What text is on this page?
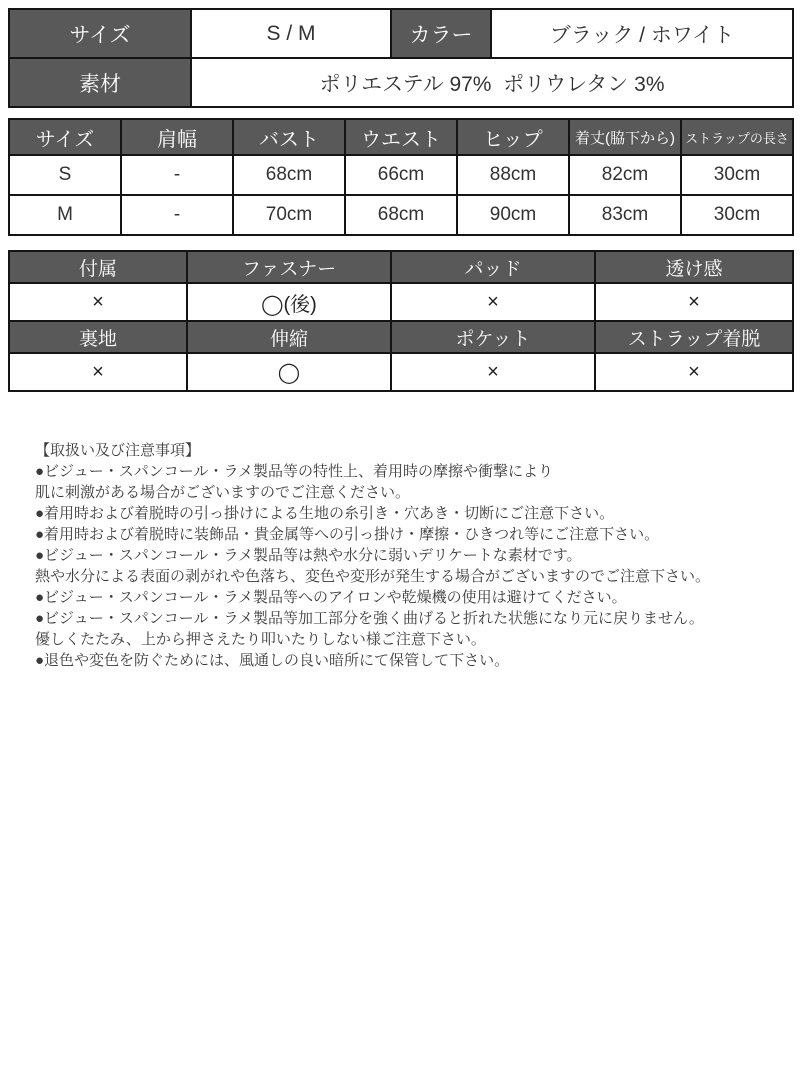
サイズ	S / M	カラー	ブラック / ホワイト
素材	ポリエステル 97%  ポリウレタン 3%		
サイズ	肩幅	バスト	ウエスト	ヒップ	着丈(脇下から)	ストラップの長さ
S	-	68cm	66cm	88cm	82cm	30cm
M	-	70cm	68cm	90cm	83cm	30cm
付属	ファスナー	パッド	透け感
×	◯(後)	×	×
裏地	伸縮	ポケット	ストラップ着脱
×	◯	×	×
【取扱い及び注意事項】
●ビジュー・スパンコール・ラメ製品等の特性上、着用時の摩擦や衝撃により
肌に刺激がある場合がございますのでご注意ください。
●着用時および着脱時の引っ掛けによる生地の糸引き・穴あき・切断にご注意下さい。
●着用時および着脱時に装飾品・貴金属等への引っ掛け・摩擦・ひきつれ等にご注意下さい。
●ビジュー・スパンコール・ラメ製品等は熱や水分に弱いデリケートな素材です。
熱や水分による表面の剥がれや色落ち、変色や変形が発生する場合がございますのでご注意下さい。
●ビジュー・スパンコール・ラメ製品等へのアイロンや乾燥機の使用は避けてください。
●ビジュー・スパンコール・ラメ製品等加工部分を強く曲げると折れた状態になり元に戻りません。
優しくたたみ、上から押さえたり叩いたりしない様ご注意下さい。
●退色や変色を防ぐためには、風通しの良い暗所にて保管して下さい。
